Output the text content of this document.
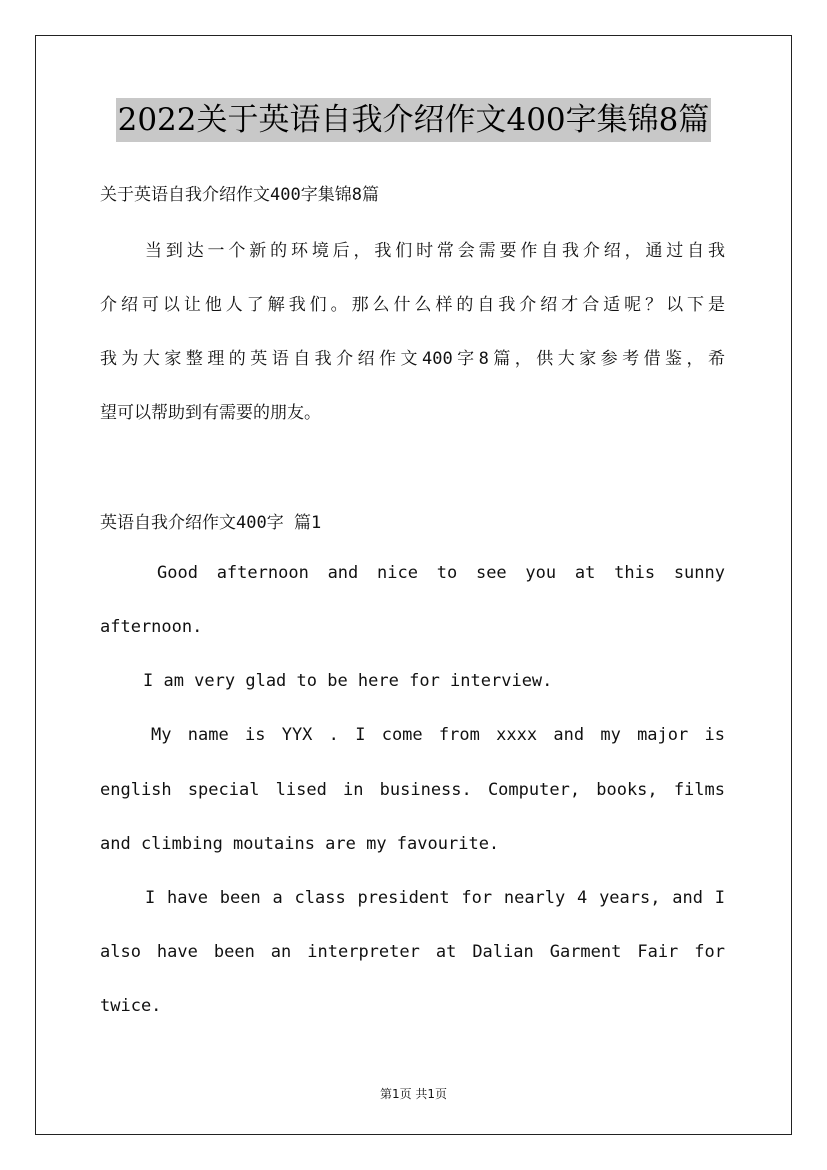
2022关于英语自我介绍作文400字集锦8篇
关于英语自我介绍作文400字集锦8篇
当到达一个新的环境后，我们时常会需要作自我介绍，通过自我
介绍可以让他人了解我们。那么什么样的自我介绍才合适呢？以下是
我为大家整理的英语自我介绍作文400字8篇，供大家参考借鉴，希
望可以帮助到有需要的朋友。
英语自我介绍作文400字 篇1
Good afternoon and nice to see you at this sunny
afternoon.
I am very glad to be here for interview.
My name is YYX . I come from xxxx and my major is
english special lised in business. Computer, books, films
and climbing moutains are my favourite.
I have been a class president for nearly 4 years, and I
also have been an interpreter at Dalian Garment Fair for
twice.
第1页 共1页
